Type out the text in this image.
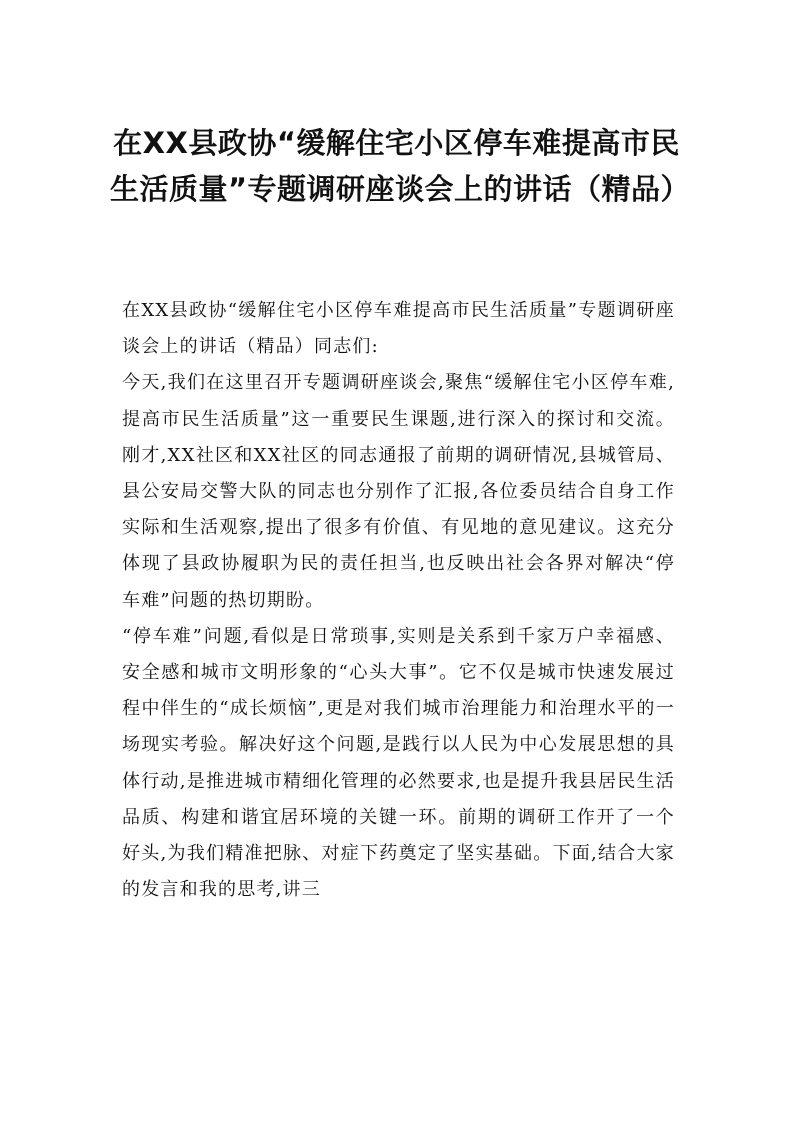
在XX县政协“缓解住宅小区停车难提高市民生活质量”专题调研座谈会上的讲话（精品）

在XX县政协“缓解住宅小区停车难提高市民生活质量”专题调研座谈会上的讲话（精品）同志们:

今天,我们在这里召开专题调研座谈会,聚焦“缓解住宅小区停车难,提高市民生活质量”这一重要民生课题,进行深入的探讨和交流。刚才,XX社区和XX社区的同志通报了前期的调研情况,县城管局、县公安局交警大队的同志也分别作了汇报,各位委员结合自身工作实际和生活观察,提出了很多有价值、有见地的意见建议。这充分体现了县政协履职为民的责任担当,也反映出社会各界对解决“停车难”问题的热切期盼。

“停车难”问题,看似是日常琐事,实则是关系到千家万户幸福感、安全感和城市文明形象的“心头大事”。它不仅是城市快速发展过程中伴生的“成长烦恼”,更是对我们城市治理能力和治理水平的一场现实考验。解决好这个问题,是践行以人民为中心发展思想的具体行动,是推进城市精细化管理的必然要求,也是提升我县居民生活品质、构建和谐宜居环境的关键一环。前期的调研工作开了一个好头,为我们精准把脉、对症下药奠定了坚实基础。下面,结合大家的发言和我的思考,讲三
